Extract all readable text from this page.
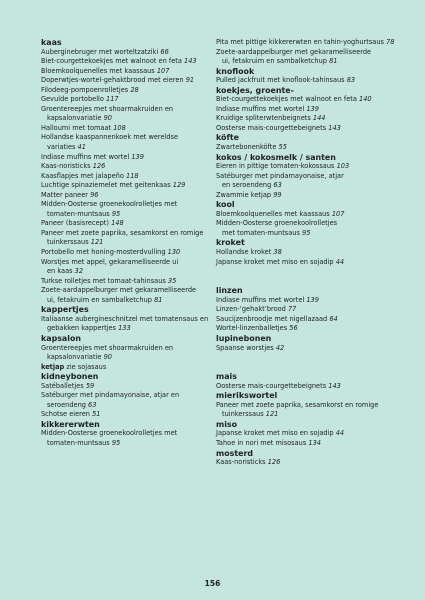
kaas
Auberginebruger met worteltzatziki 66
Biet-courgettekoekjes met walnoot en feta 143
Bloemkoolquenelles met kaassaus 107
Doperwtjes-wortel-gehaktbrood met eieren 91
Filodeeg-pompoenrolletjes 28
Gevulde portobello 117
Groentereepjes met shoarmakruiden en
kapsalonvariatie 90
Halloumi met tomaat 108
Hollandse kaaspannenkoek met wereldse
variaties 41
Indiase muffins met wortel 139
Kaas-noristicks 126
Kaasflapjes met jalapeño 118
Luchtige spinaziemelet met geitenkaas 129
Matter paneer 96
Midden-Oosterse groenekoolrolletjes met
tomaten-muntsaus 95
Paneer (basisrecept) 148
Paneer met zoete paprika, sesamkorst en romige
tuinkerssaus 121
Portobello met honing-mosterdvulling 130
Worstjes met appel, gekaramelliseerde ui
en kaas 32
Turkse rolletjes met tomaat-tahinsaus 35
Zoete-aardappelburger met gekaramelliseerde
ui, fetakruim en sambalketchup 81
kappertjes
Italiaanse aubergineschnitzel met tomatensaus en
gebakken kappertjes 133
kapsalon
Groentereepjes met shoarmakruiden en
kapsalonvariatie 90
ketjap zie sojasaus
kidneybonen
Satébalîetjes 59
Satéburger met pindamayonaise, atjar en
seroendeng 63
Schotse eieren 51
kikkererwten
Midden-Oosterse groenekoolrolletjes met
tomaten-muntsaus 95
Pita met pittige kikkererwten en tahin-yoghurtsaus 78
Zoete-aardappelburger met gekaramelliseerde
ui, fetakruim en sambalketchup 81
knoflook
Pulled jackfruit met knoflook-tahinsaus 83
koekjes, groente-
Biet-courgettekoekjes met walnoot en feta 140
Indiase muffins met wortel 139
Kruidige spliterwtenbeignets 144
Oosterse mais-courgettebeignets 143
köfte
Zwartebonenköfte 55
kokos / kokosmelk / santen
Eieren in pittige tomaten-kokossaus 103
Satéburger met pindamayonaise, atjar
en seroendeng 63
Zwammie ketjap 99
kool
Bloemkoolquenelles met kaassaus 107
Midden-Oosterse groenekoolrolletjes
met tomaten-muntsaus 95
kroket
Hollandse kroket 38
Japanse kroket met miso en sojadip 44
linzen
Indiase muffins met wortel 139
Linzen-‘gehakt’brood 77
Saucijzenbroodje met nigellazaad 64
Wortel-linzenballetjes 56
lupinebonen
Spaanse worstjes 42
mais
Oosterse mais-courgettebeignets 143
mierikswortel
Paneer met zoete paprika, sesamkorst en romige
tuinkerssaus 121
miso
Japanse kroket met miso en sojadip 44
Tahoe in nori met misosaus 134
mosterd
Kaas-noristicks 126
156
